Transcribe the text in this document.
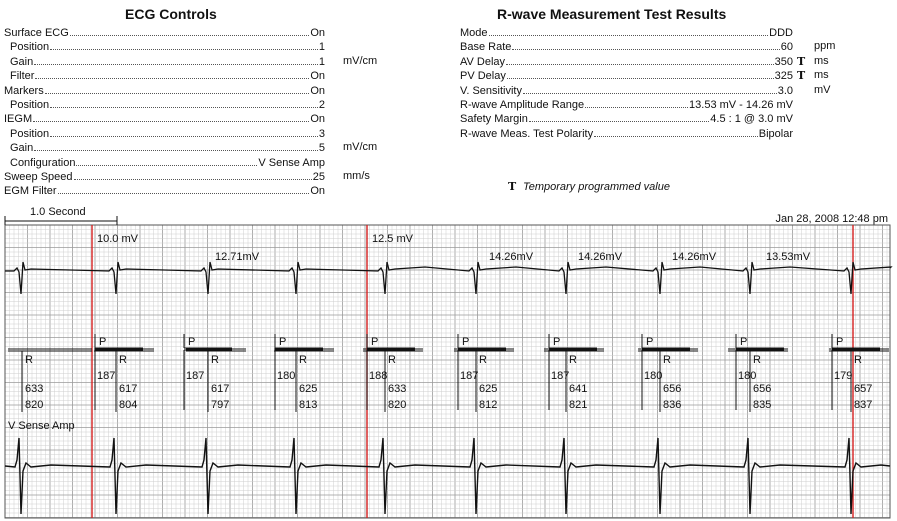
ECG Controls
Surface ECG	On
Position	1
Gain	1 mV/cm
Filter	On
Markers	On
Position	2
IEGM	On
Position	3
Gain	5 mV/cm
Configuration	V Sense Amp
Sweep Speed	25 mm/s
EGM Filter	On
R-wave Measurement Test Results
Mode	DDD
Base Rate	60 ppm
AV Delay	350 T ms
PV Delay	325 T ms
V. Sensitivity	3.0 mV
R-wave Amplitude Range	13.53 mV - 14.26 mV
Safety Margin	4.5 : 1 @ 3.0 mV
R-wave Meas. Test Polarity	Bipolar
T Temporary programmed value
1.0 Second
Jan 28, 2008 12:48 pm
10.0 mV	12.5 mV
12.71mV	14.26mV	14.26mV	14.26mV	13.53mV
R
633
820
P
R
617
804
187
P
R
617
797
187
P
R
625
813
180
P
R
633
820
188
P
R
625
812
187
P
R
641
821
187
P
R
656
836
180
P
R
656
835
180
P
R
657
837
179
V Sense Amp
